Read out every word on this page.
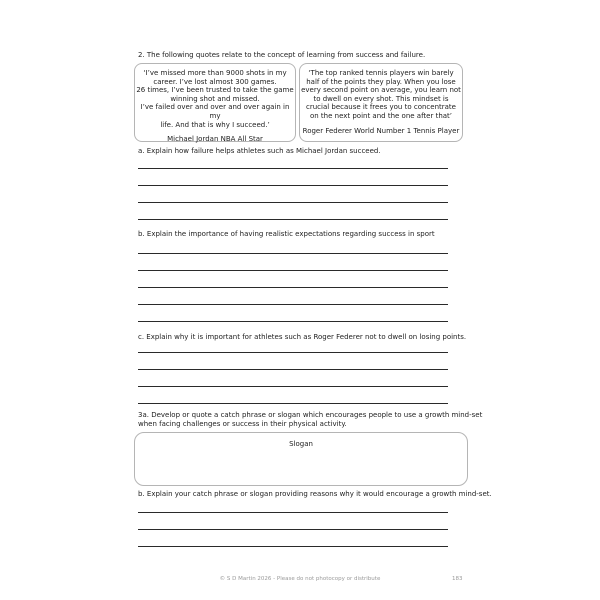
2. The following quotes relate to the concept of learning from success and failure.
‘I’ve missed more than 9000 shots in my
career. I’ve lost almost 300 games.
26 times, I’ve been trusted to take the game
winning shot and missed.
I’ve failed over and over and over again in my
life. And that is why I succeed.’
Michael Jordan NBA All Star
‘The top ranked tennis players win barely
half of the points they play. When you lose
every second point on average, you learn not
to dwell on every shot. This mindset is
crucial because it frees you to concentrate
on the next point and the one after that’
Roger Federer World Number 1 Tennis Player
a. Explain how failure helps athletes such as Michael Jordan succeed.
b. Explain the importance of having realistic expectations regarding success in sport
c. Explain why it is important for athletes such as Roger Federer not to dwell on losing points.
3a. Develop or quote a catch phrase or slogan which encourages people to use a growth mind-set
when facing challenges or success in their physical activity.
Slogan
b. Explain your catch phrase or slogan providing reasons why it would encourage a growth mind-set.
© S D Martin 2026 - Please do not photocopy or distribute	183
